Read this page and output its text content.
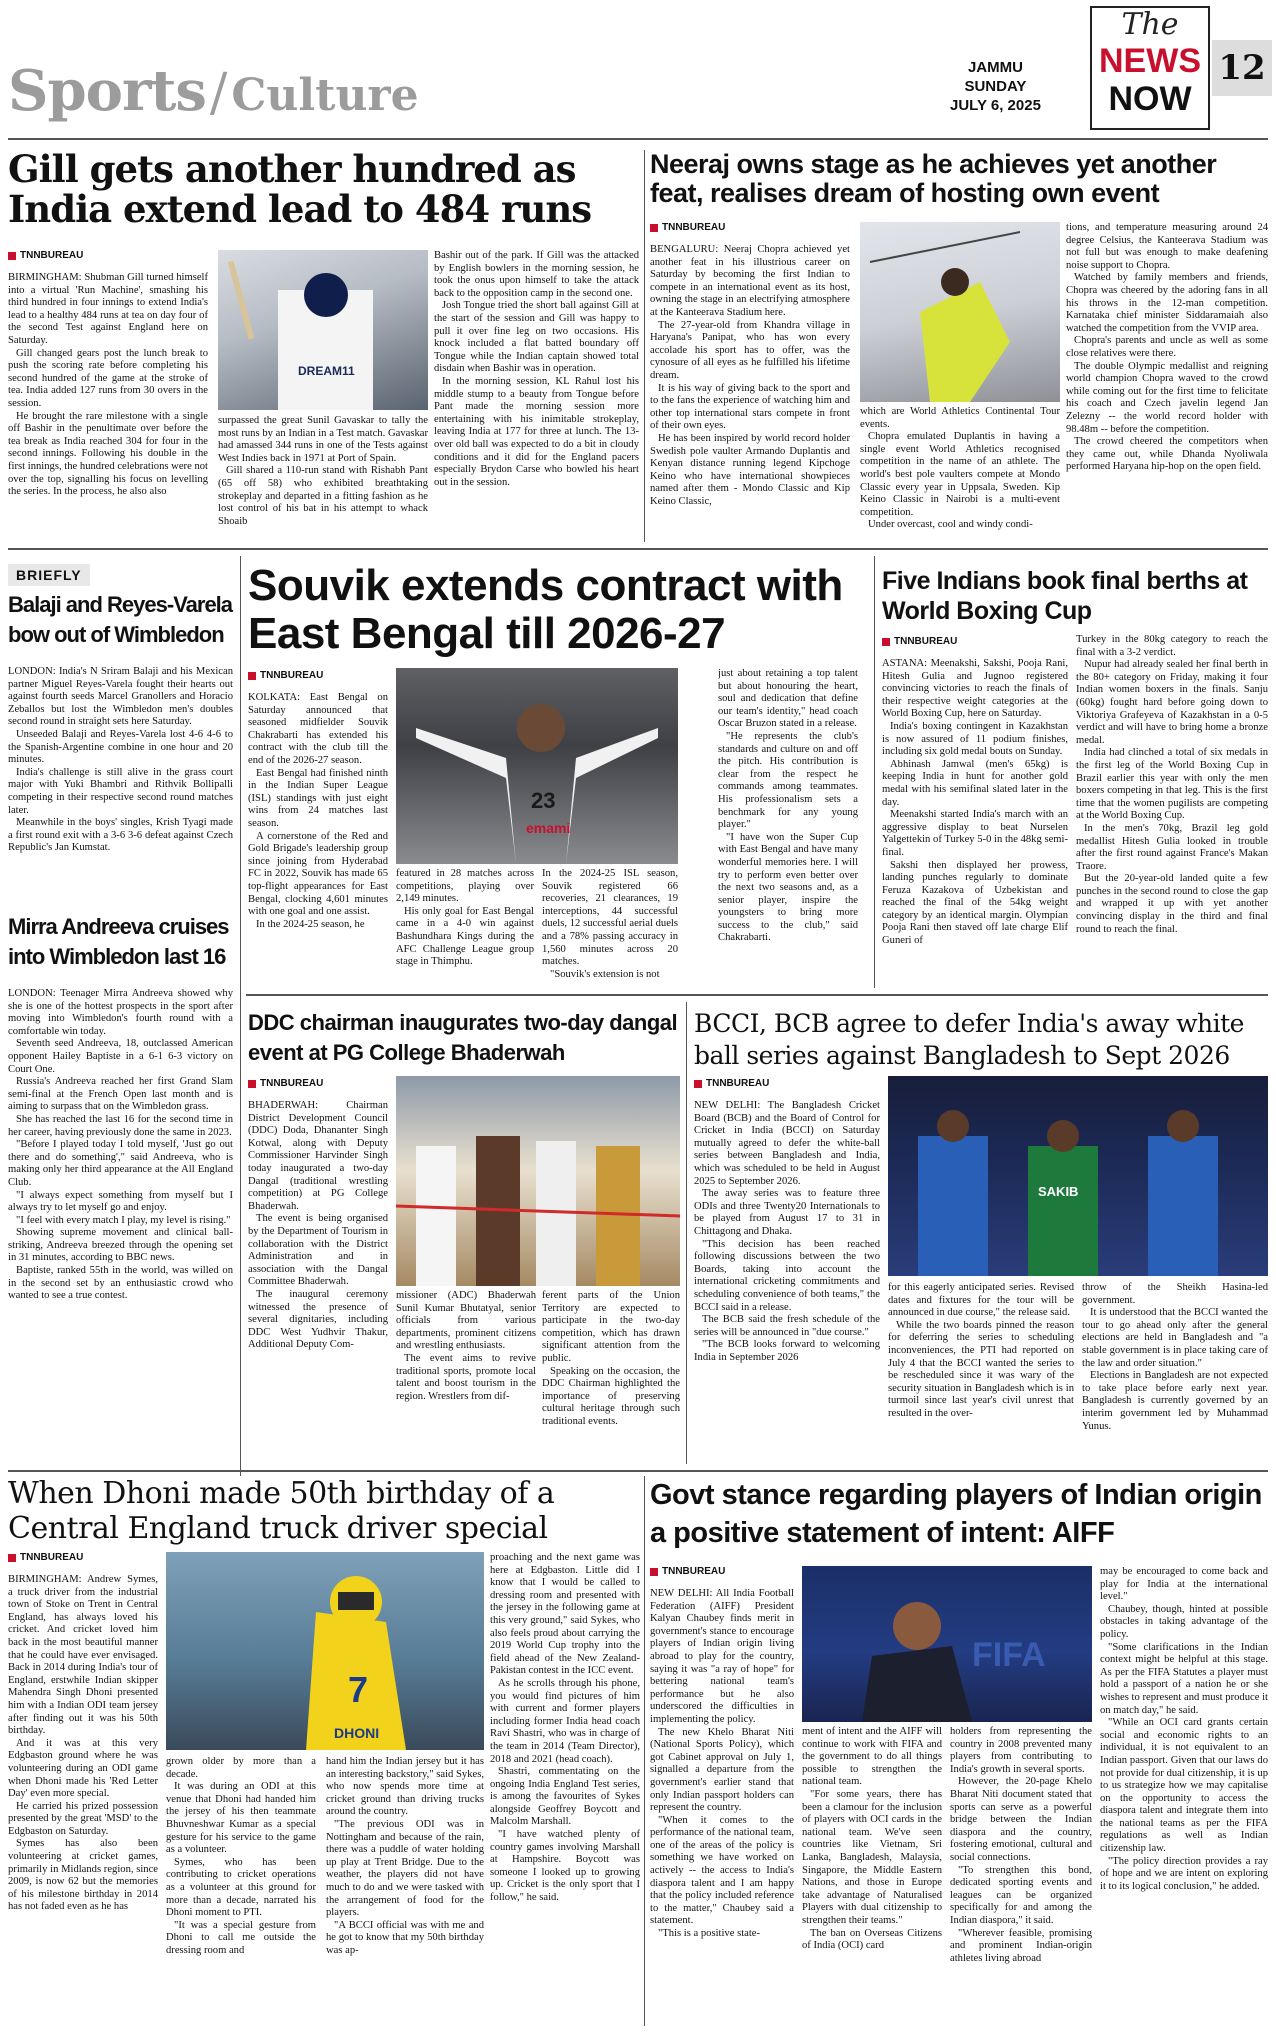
Sports / Culture
JAMMU
SUNDAY
JULY 6, 2025
The
NEWS
NOW
12
Gill gets another hundred as India extend lead to 484 runs
TNNBUREAU

BIRMINGHAM: Shubman Gill turned himself into a virtual 'Run Machine', smashing his third hundred in four innings to extend India's lead to a healthy 484 runs at tea on day four of the second Test against England here on Saturday.

Gill changed gears post the lunch break to push the scoring rate before completing his second hundred of the game at the stroke of tea. India added 127 runs from 30 overs in the session.

He brought the rare milestone with a single off Bashir in the penultimate over before the tea break as India reached 304 for four in the second innings. Following his double in the first innings, the hundred celebrations were not over the top, signalling his focus on levelling the series. In the process, he also also

DREAM11

surpassed the great Sunil Gavaskar to tally the most runs by an Indian in a Test match. Gavaskar had amassed 344 runs in one of the Tests against West Indies back in 1971 at Port of Spain.

Gill shared a 110-run stand with Rishabh Pant (65 off 58) who exhibited breathtaking strokeplay and departed in a fitting fashion as he lost control of his bat in his attempt to whack Shoaib

Bashir out of the park. If Gill was the attacked by English bowlers in the morning session, he took the onus upon himself to take the attack back to the opposition camp in the second one.

Josh Tongue tried the short ball against Gill at the start of the session and Gill was happy to pull it over fine leg on two occasions. His knock included a flat batted boundary off Tongue while the Indian captain showed total disdain when Bashir was in operation.

In the morning session, KL Rahul lost his middle stump to a beauty from Tongue before Pant made the morning session more entertaining with his inimitable strokeplay, leaving India at 177 for three at lunch. The 13-over old ball was expected to do a bit in cloudy conditions and it did for the England pacers especially Brydon Carse who bowled his heart out in the session.

Neeraj owns stage as he achieves yet another feat, realises dream of hosting own event
TNNBUREAU

BENGALURU: Neeraj Chopra achieved yet another feat in his illustrious career on Saturday by becoming the first Indian to compete in an international event as its host, owning the stage in an electrifying atmosphere at the Kanteerava Stadium here.

The 27-year-old from Khandra village in Haryana's Panipat, who has won every accolade his sport has to offer, was the cynosure of all eyes as he fulfilled his lifetime dream.

It is his way of giving back to the sport and to the fans the experience of watching him and other top international stars compete in front of their own eyes.

He has been inspired by world record holder Swedish pole vaulter Armando Duplantis and Kenyan distance running legend Kipchoge Keino who have international showpieces named after them - Mondo Classic and Kip Keino Classic,

which are World Athletics Continental Tour events.

Chopra emulated Duplantis in having a single event World Athletics recognised competition in the name of an athlete. The world's best pole vaulters compete at Mondo Classic every year in Uppsala, Sweden. Kip Keino Classic in Nairobi is a multi-event competition.

Under overcast, cool and windy condi-

tions, and temperature measuring around 24 degree Celsius, the Kanteerava Stadium was not full but was enough to make deafening noise support to Chopra.

Watched by family members and friends, Chopra was cheered by the adoring fans in all his throws in the 12-man competition. Karnataka chief minister Siddaramaiah also watched the competition from the VVIP area.

Chopra's parents and uncle as well as some close relatives were there.

The double Olympic medallist and reigning world champion Chopra waved to the crowd while coming out for the first time to felicitate his coach and Czech javelin legend Jan Zelezny -- the world record holder with 98.48m -- before the competition.

The crowd cheered the competitors when they came out, while Dhanda Nyoliwala performed Haryana hip-hop on the open field.

BRIEFLY
Balaji and Reyes-Varela bow out of Wimbledon

LONDON: India's N Sriram Balaji and his Mexican partner Miguel Reyes-Varela fought their hearts out against fourth seeds Marcel Granollers and Horacio Zeballos but lost the Wimbledon men's doubles second round in straight sets here Saturday.

Unseeded Balaji and Reyes-Varela lost 4-6 4-6 to the Spanish-Argentine combine in one hour and 20 minutes.

India's challenge is still alive in the grass court major with Yuki Bhambri and Rithvik Bollipalli competing in their respective second round matches later.

Meanwhile in the boys' singles, Krish Tyagi made a first round exit with a 3-6 3-6 defeat against Czech Republic's Jan Kumstat.

Mirra Andreeva cruises into Wimbledon last 16

LONDON: Teenager Mirra Andreeva showed why she is one of the hottest prospects in the sport after moving into Wimbledon's fourth round with a comfortable win today.

Seventh seed Andreeva, 18, outclassed American opponent Hailey Baptiste in a 6-1 6-3 victory on Court One.

Russia's Andreeva reached her first Grand Slam semi-final at the French Open last month and is aiming to surpass that on the Wimbledon grass.

She has reached the last 16 for the second time in her career, having previously done the same in 2023.

"Before I played today I told myself, 'Just go out there and do something'," said Andreeva, who is making only her third appearance at the All England Club.

"I always expect something from myself but I always try to let myself go and enjoy.

"I feel with every match I play, my level is rising."

Showing supreme movement and clinical ball-striking, Andreeva breezed through the opening set in 31 minutes, according to BBC news.

Baptiste, ranked 55th in the world, was willed on in the second set by an enthusiastic crowd who wanted to see a true contest.

Souvik extends contract with East Bengal till 2026-27
TNNBUREAU

KOLKATA: East Bengal on Saturday announced that seasoned midfielder Souvik Chakrabarti has extended his contract with the club till the end of the 2026-27 season.

East Bengal had finished ninth in the Indian Super League (ISL) standings with just eight wins from 24 matches last season.

A cornerstone of the Red and Gold Brigade's leadership group since joining from Hyderabad FC in 2022, Souvik has made 65 top-flight appearances for East Bengal, clocking 4,601 minutes with one goal and one assist.

In the 2024-25 season, he

23
emami

featured in 28 matches across competitions, playing over 2,149 minutes.

His only goal for East Bengal came in a 4-0 win against Bashundhara Kings during the AFC Challenge League group stage in Thimphu.

In the 2024-25 ISL season, Souvik registered 66 recoveries, 21 clearances, 19 interceptions, 44 successful duels, 12 successful aerial duels and a 78% passing accuracy in 1,560 minutes across 20 matches.

"Souvik's extension is not

just about retaining a top talent but about honouring the heart, soul and dedication that define our team's identity," head coach Oscar Bruzon stated in a release.

"He represents the club's standards and culture on and off the pitch. His contribution is clear from the respect he commands among teammates. His professionalism sets a benchmark for any young player."

"I have won the Super Cup with East Bengal and have many wonderful memories here. I will try to perform even better over the next two seasons and, as a senior player, inspire the youngsters to bring more success to the club," said Chakrabarti.

Five Indians book final berths at World Boxing Cup
TNNBUREAU

ASTANA: Meenakshi, Sakshi, Pooja Rani, Hitesh Gulia and Jugnoo registered convincing victories to reach the finals of their respective weight categories at the World Boxing Cup, here on Saturday.

India's boxing contingent in Kazakhstan is now assured of 11 podium finishes, including six gold medal bouts on Sunday.

Abhinash Jamwal (men's 65kg) is keeping India in hunt for another gold medal with his semifinal slated later in the day.

Meenakshi started India's march with an aggressive display to beat Nurselen Yalgettekin of Turkey 5-0 in the 48kg semi-final.

Sakshi then displayed her prowess, landing punches regularly to dominate Feruza Kazakova of Uzbekistan and reached the final of the 54kg weight category by an identical margin. Olympian Pooja Rani then staved off late charge Elif Guneri of

Turkey in the 80kg category to reach the final with a 3-2 verdict.

Nupur had already sealed her final berth in the 80+ category on Friday, making it four Indian women boxers in the finals. Sanju (60kg) fought hard before going down to Viktoriya Grafeyeva of Kazakhstan in a 0-5 verdict and will have to bring home a bronze medal.

India had clinched a total of six medals in the first leg of the World Boxing Cup in Brazil earlier this year with only the men boxers competing in that leg. This is the first time that the women pugilists are competing at the World Boxing Cup.

In the men's 70kg, Brazil leg gold medallist Hitesh Gulia looked in trouble after the first round against France's Makan Traore.

But the 20-year-old landed quite a few punches in the second round to close the gap and wrapped it up with yet another convincing display in the third and final round to reach the final.

DDC chairman inaugurates two-day dangal event at PG College Bhaderwah
TNNBUREAU

BHADERWAH: Chairman District Development Council (DDC) Doda, Dhananter Singh Kotwal, along with Deputy Commissioner Harvinder Singh today inaugurated a two-day Dangal (traditional wrestling competition) at PG College Bhaderwah.

The event is being organised by the Department of Tourism in collaboration with the District Administration and in association with the Dangal Committee Bhaderwah.

The inaugural ceremony witnessed the presence of several dignitaries, including DDC West Yudhvir Thakur, Additional Deputy Com-

missioner (ADC) Bhaderwah Sunil Kumar Bhutatyal, senior officials from various departments, prominent citizens and wrestling enthusiasts.

The event aims to revive traditional sports, promote local talent and boost tourism in the region. Wrestlers from dif-

ferent parts of the Union Territory are expected to participate in the two-day competition, which has drawn significant attention from the public.

Speaking on the occasion, the DDC Chairman highlighted the importance of preserving cultural heritage through such traditional events.

BCCI, BCB agree to defer India's away white ball series against Bangladesh to Sept 2026
TNNBUREAU

NEW DELHI: The Bangladesh Cricket Board (BCB) and the Board of Control for Cricket in India (BCCI) on Saturday mutually agreed to defer the white-ball series between Bangladesh and India, which was scheduled to be held in August 2025 to September 2026.

The away series was to feature three ODIs and three Twenty20 Internationals to be played from August 17 to 31 in Chittagong and Dhaka.

"This decision has been reached following discussions between the two Boards, taking into account the international cricketing commitments and scheduling convenience of both teams," the BCCI said in a release.

The BCB said the fresh schedule of the series will be announced in "due course."

"The BCB looks forward to welcoming India in September 2026

SAKIB

for this eagerly anticipated series. Revised dates and fixtures for the tour will be announced in due course," the release said.

While the two boards pinned the reason for deferring the series to scheduling inconveniences, the PTI had reported on July 4 that the BCCI wanted the series to be rescheduled since it was wary of the security situation in Bangladesh which is in turmoil since last year's civil unrest that resulted in the over-

throw of the Sheikh Hasina-led government.

It is understood that the BCCI wanted the tour to go ahead only after the general elections are held in Bangladesh and "a stable government is in place taking care of the law and order situation."

Elections in Bangladesh are not expected to take place before early next year. Bangladesh is currently governed by an interim government led by Muhammad Yunus.

When Dhoni made 50th birthday of a Central England truck driver special
TNNBUREAU

BIRMINGHAM: Andrew Symes, a truck driver from the industrial town of Stoke on Trent in Central England, has always loved his cricket. And cricket loved him back in the most beautiful manner that he could have ever envisaged. Back in 2014 during India's tour of England, erstwhile Indian skipper Mahendra Singh Dhoni presented him with a Indian ODI team jersey after finding out it was his 50th birthday.

And it was at this very Edgbaston ground where he was volunteering during an ODI game when Dhoni made his 'Red Letter Day' even more special.

He carried his prized possession presented by the great 'MSD' to the Edgbaston on Saturday.

Symes has also been volunteering at cricket games, primarily in Midlands region, since 2009, is now 62 but the memories of his milestone birthday in 2014 has not faded even as he has

7
DHONI

grown older by more than a decade.

It was during an ODI at this venue that Dhoni had handed him the jersey of his then teammate Bhuvneshwar Kumar as a special gesture for his service to the game as a volunteer.

Symes, who has been contributing to cricket operations as a volunteer at this ground for more than a decade, narrated his Dhoni moment to PTI.

"It was a special gesture from Dhoni to call me outside the dressing room and

hand him the Indian jersey but it has an interesting backstory," said Sykes, who now spends more time at cricket ground than driving trucks around the country.

"The previous ODI was in Nottingham and because of the rain, there was a puddle of water holding up play at Trent Bridge. Due to the weather, the players did not have much to do and we were tasked with the arrangement of food for the players.

"A BCCI official was with me and he got to know that my 50th birthday was ap-

proaching and the next game was here at Edgbaston. Little did I know that I would be called to dressing room and presented with the jersey in the following game at this very ground," said Sykes, who also feels proud about carrying the 2019 World Cup trophy into the field ahead of the New Zealand-Pakistan contest in the ICC event.

As he scrolls through his phone, you would find pictures of him with current and former players including former India head coach Ravi Shastri, who was in charge of the team in 2014 (Team Director), 2018 and 2021 (head coach).

Shastri, commentating on the ongoing India England Test series, is among the favourites of Sykes alongside Geoffrey Boycott and Malcolm Marshall.

"I have watched plenty of country games involving Marshall at Hampshire. Boycott was someone I looked up to growing up. Cricket is the only sport that I follow," he said.

Govt stance regarding players of Indian origin a positive statement of intent: AIFF
TNNBUREAU

NEW DELHI: All India Football Federation (AIFF) President Kalyan Chaubey finds merit in government's stance to encourage players of Indian origin living abroad to play for the country, saying it was "a ray of hope" for bettering national team's performance but he also underscored the difficulties in implementing the policy.

The new Khelo Bharat Niti (National Sports Policy), which got Cabinet approval on July 1, signalled a departure from the government's earlier stand that only Indian passport holders can represent the country.

"When it comes to the performance of the national team, one of the areas of the policy is something we have worked on actively -- the access to India's diaspora talent and I am happy that the policy included reference to the matter," Chaubey said a statement.

"This is a positive state-

FIFA

ment of intent and the AIFF will continue to work with FIFA and the government to do all things possible to strengthen the national team.

"For some years, there has been a clamour for the inclusion of players with OCI cards in the national team. We've seen countries like Vietnam, Sri Lanka, Bangladesh, Malaysia, Singapore, the Middle Eastern Nations, and those in Europe take advantage of Naturalised Players with dual citizenship to strengthen their teams."

The ban on Overseas Citizens of India (OCI) card

holders from representing the country in 2008 prevented many players from contributing to India's growth in several sports.

However, the 20-page Khelo Bharat Niti document stated that sports can serve as a powerful bridge between the Indian diaspora and the country, fostering emotional, cultural and social connections.

"To strengthen this bond, dedicated sporting events and leagues can be organized specifically for and among the Indian diaspora," it said.

"Wherever feasible, promising and prominent Indian-origin athletes living abroad

may be encouraged to come back and play for India at the international level."

Chaubey, though, hinted at possible obstacles in taking advantage of the policy.

"Some clarifications in the Indian context might be helpful at this stage. As per the FIFA Statutes a player must hold a passport of a nation he or she wishes to represent and must produce it on match day," he said.

"While an OCI card grants certain social and economic rights to an individual, it is not equivalent to an Indian passport. Given that our laws do not provide for dual citizenship, it is up to us strategize how we may capitalise on the opportunity to access the diaspora talent and integrate them into the national teams as per the FIFA regulations as well as Indian citizenship law.

"The policy direction provides a ray of hope and we are intent on exploring it to its logical conclusion," he added.
